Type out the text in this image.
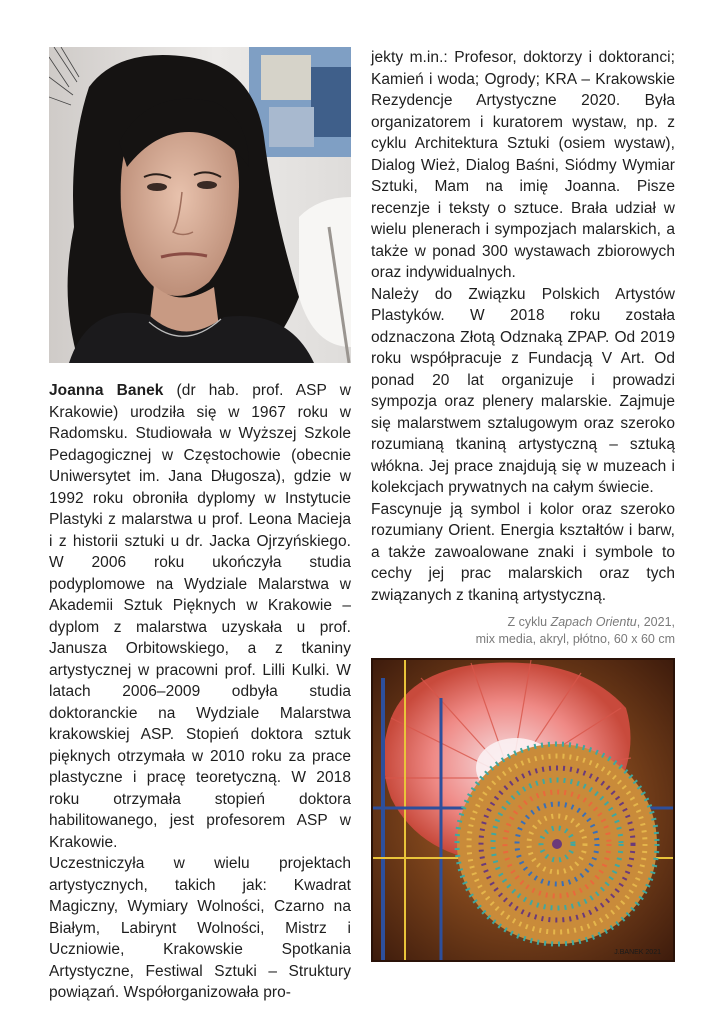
Joanna Banek (dr hab. prof. ASP w Krakowie) urodziła się w 1967 roku w Radomsku. Studiowała w Wyższej Szkole Pedagogicznej w Częstochowie (obecnie Uniwersytet im. Jana Długosza), gdzie w 1992 roku obroniła dyplomy w Instytucie Plastyki z malarstwa u prof. Leona Macieja i z historii sztuki u dr. Jacka Ojrzyńskiego. W 2006 roku ukończyła studia podyplomowe na Wydziale Malarstwa w Akademii Sztuk Pięknych w Krakowie – dyplom z malarstwa uzyskała u prof. Janusza Orbitowskiego, a z tkaniny artystycznej w pracowni prof. Lilli Kulki. W latach 2006–2009 odbyła studia doktoranckie na Wydziale Malarstwa krakowskiej ASP. Stopień doktora sztuk pięknych otrzymała w 2010 roku za prace plastyczne i pracę teoretyczną. W 2018 roku otrzymała stopień doktora habilitowanego, jest profesorem ASP w Krakowie.

Uczestniczyła w wielu projektach artystycznych, takich jak: Kwadrat Magiczny, Wymiary Wolności, Czarno na Białym, Labirynt Wolności, Mistrz i Uczniowie, Krakowskie Spotkania Artystyczne, Festiwal Sztuki – Struktury powiązań. Współorganizowała pro-

jekty m.in.: Profesor, doktorzy i doktoranci; Kamień i woda; Ogrody; KRA – Krakowskie Rezydencje Artystyczne 2020. Była organizatorem i kuratorem wystaw, np. z cyklu Architektura Sztuki (osiem wystaw), Dialog Wież, Dialog Baśni, Siódmy Wymiar Sztuki, Mam na imię Joanna. Pisze recenzje i teksty o sztuce. Brała udział w wielu plenerach i sympozjach malarskich, a także w ponad 300 wystawach zbiorowych oraz indywidualnych.

Należy do Związku Polskich Artystów Plastyków. W 2018 roku została odznaczona Złotą Odznaką ZPAP. Od 2019 roku współpracuje z Fundacją V Art. Od ponad 20 lat organizuje i prowadzi sympozja oraz plenery malarskie. Zajmuje się malarstwem sztalugowym oraz szeroko rozumianą tkaniną artystyczną – sztuką włókna. Jej prace znajdują się w muzeach i kolekcjach prywatnych na całym świecie.

Fascynuje ją symbol i kolor oraz szeroko rozumiany Orient. Energia kształtów i barw, a także zawoalowane znaki i symbole to cechy jej prac malarskich oraz tych związanych z tkaniną artystyczną.

Z cyklu Zapach Orientu, 2021,
mix media, akryl, płótno, 60 x 60 cm
J.BANEK 2021
